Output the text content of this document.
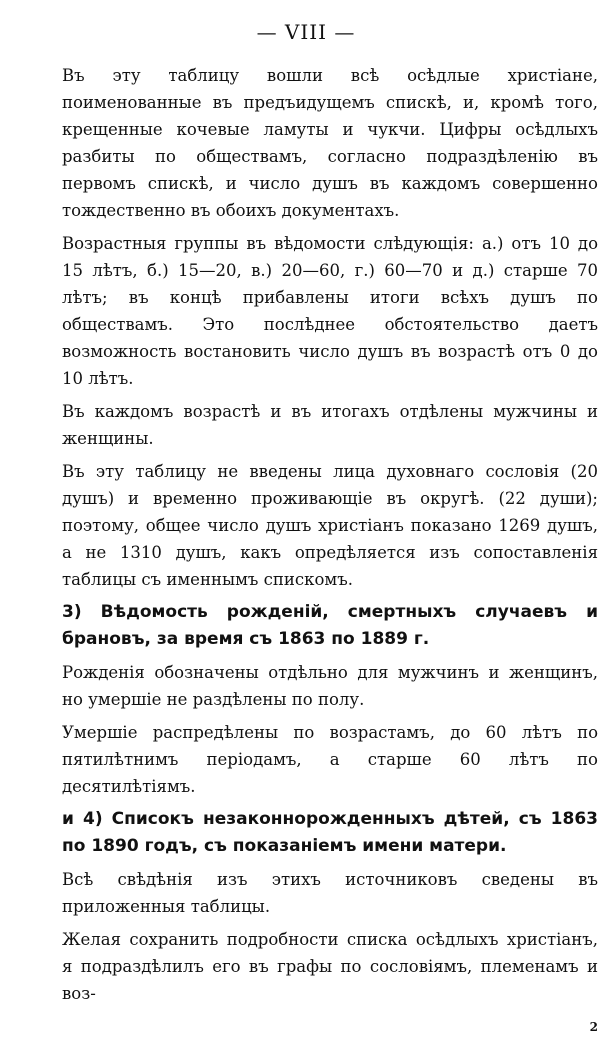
— VIII —

Въ эту таблицу вошли всѣ осѣдлые христіане, поименованные въ предъидущемъ спискѣ, и, кромѣ того, крещенные кочевые ламуты и чукчи. Цифры осѣдлыхъ разбиты по обществамъ, согласно подраздѣленію въ первомъ спискѣ, и число душъ въ каждомъ совершенно тождественно въ обоихъ документахъ.

Возрастныя группы въ вѣдомости слѣдующія: а.) отъ 10 до 15 лѣтъ, б.) 15—20, в.) 20—60, г.) 60—70 и д.) старше 70 лѣтъ; въ концѣ прибавлены итоги всѣхъ душъ по обществамъ. Это послѣднее обстоятельство даетъ возможность востановить число душъ въ возрастѣ отъ 0 до 10 лѣтъ.

Въ каждомъ возрастѣ и въ итогахъ отдѣлены мужчины и женщины.

Въ эту таблицу не введены лица духовнаго сословія (20 душъ) и временно проживающіе въ округѣ. (22 души); поэтому, общее число душъ христіанъ показано 1269 душъ, а не 1310 душъ, какъ опредѣляется изъ сопоставленія таблицы съ именнымъ спискомъ.

3) Вѣдомость рожденій, смертныхъ случаевъ и брановъ, за время съ 1863 по 1889 г.

Рожденія обозначены отдѣльно для мужчинъ и женщинъ, но умершіе не раздѣлены по полу.

Умершіе распредѣлены по возрастамъ, до 60 лѣтъ по пятилѣтнимъ періодамъ, а старше 60 лѣтъ по десятилѣтіямъ.

и 4) Списокъ незаконнорожденныхъ дѣтей, съ 1863 по 1890 годъ, съ показаніемъ имени матери.

Всѣ свѣдѣнія изъ этихъ источниковъ сведены въ приложенныя таблицы.

Желая сохранить подробности списка осѣдлыхъ христіанъ, я подраздѣлилъ его въ графы по сословіямъ, племенамъ и воз-

2
